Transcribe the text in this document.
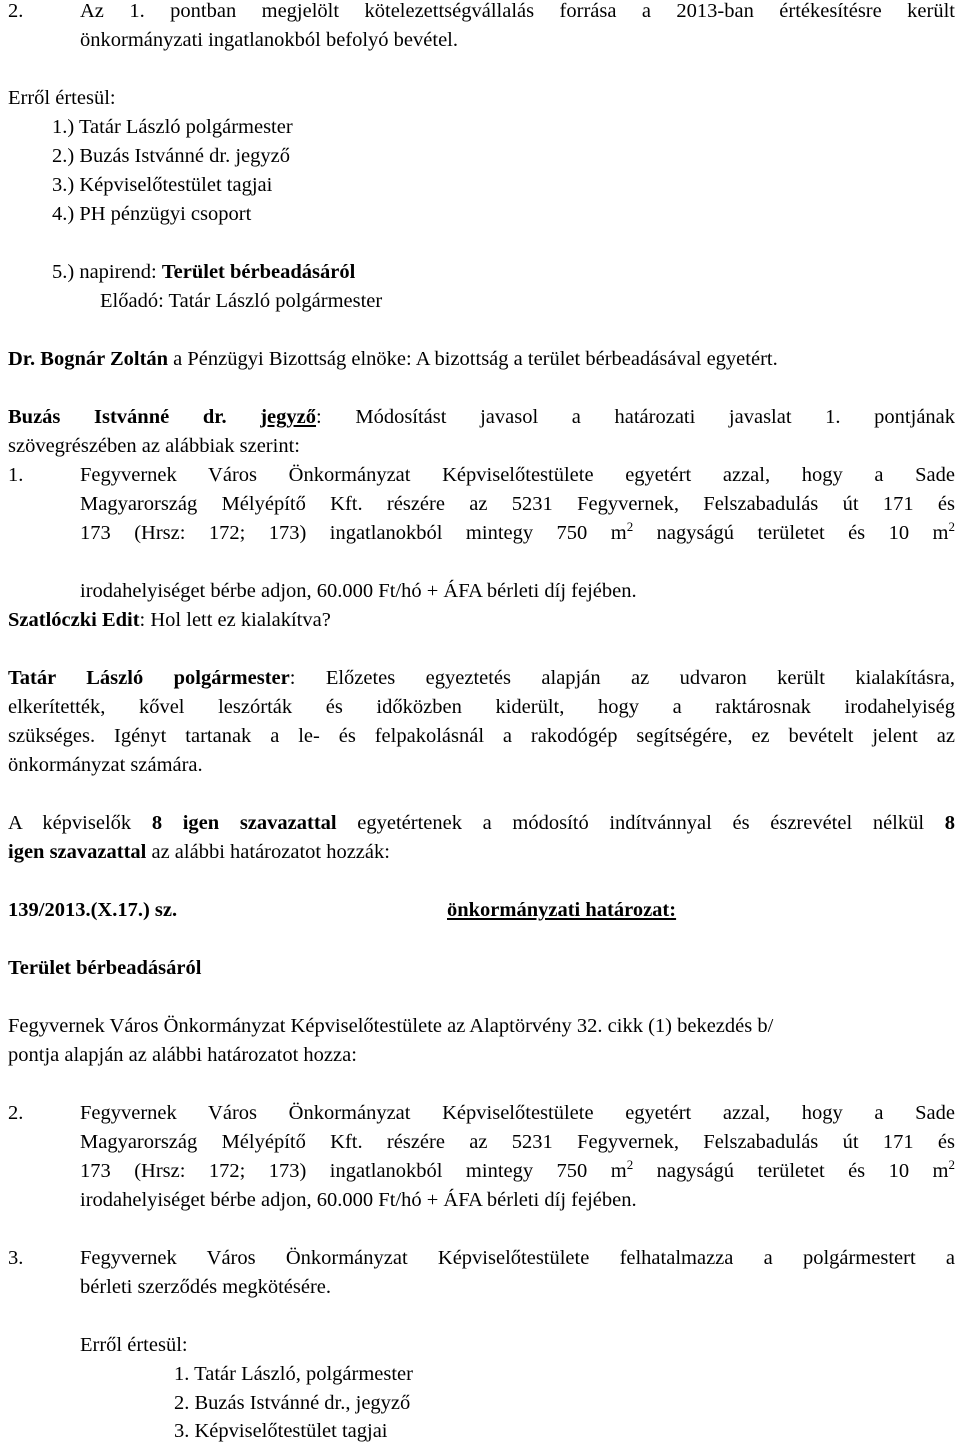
2.	Az 1. pontban megjelölt kötelezettségvállalás forrása a 2013-ban értékesítésre került
önkormányzati ingatlanokból befolyó bevétel.
Erről értesül:
1.) Tatár László polgármester
2.) Buzás Istvánné dr. jegyző
3.) Képviselőtestület tagjai
4.) PH pénzügyi csoport
5.) napirend: Terület bérbeadásáról
Előadó: Tatár László polgármester
Dr. Bognár Zoltán a Pénzügyi Bizottság elnöke: A bizottság a terület bérbeadásával egyetért.
Buzás Istvánné dr. jegyző: Módosítást javasol a határozati javaslat 1. pontjának
szövegrészében az alábbiak szerint:
1.	Fegyvernek Város Önkormányzat Képviselőtestülete egyetért azzal, hogy a Sade
Magyarország Mélyépítő Kft. részére az 5231 Fegyvernek, Felszabadulás út 171 és
173 (Hrsz: 172; 173) ingatlanokból mintegy 750 $m^2$ nagyságú területet és 10 $m^2$
irodahelyiséget bérbe adjon, 60.000 Ft/hó + ÁFA bérleti díj fejében.
Szatlóczki Edit: Hol lett ez kialakítva?
Tatár László polgármester: Előzetes egyeztetés alapján az udvaron került kialakításra,
elkerítették, kővel leszórták és időközben kiderült, hogy a raktárosnak irodahelyiség
szükséges. Igényt tartanak a le- és felpakolásnál a rakodógép segítségére, ez bevételt jelent az
önkormányzat számára.
A képviselők 8 igen szavazattal egyetértenek a módosító indítvánnyal és észrevétel nélkül 8
igen szavazattal az alábbi határozatot hozzák:
139/2013.(X.17.) sz.	önkormányzati határozat:
Terület bérbeadásáról
Fegyvernek Város Önkormányzat Képviselőtestülete az Alaptörvény 32. cikk (1) bekezdés b/
pontja alapján az alábbi határozatot hozza:
2.	Fegyvernek Város Önkormányzat Képviselőtestülete egyetért azzal, hogy a Sade
Magyarország Mélyépítő Kft. részére az 5231 Fegyvernek, Felszabadulás út 171 és
173 (Hrsz: 172; 173) ingatlanokból mintegy 750 $m^2$ nagyságú területet és 10 $m^2$
irodahelyiséget bérbe adjon, 60.000 Ft/hó + ÁFA bérleti díj fejében.
3.	Fegyvernek Város Önkormányzat Képviselőtestülete felhatalmazza a polgármestert a
bérleti szerződés megkötésére.
Erről értesül:
1. Tatár László, polgármester
2. Buzás Istvánné dr., jegyző
3. Képviselőtestület tagjai
